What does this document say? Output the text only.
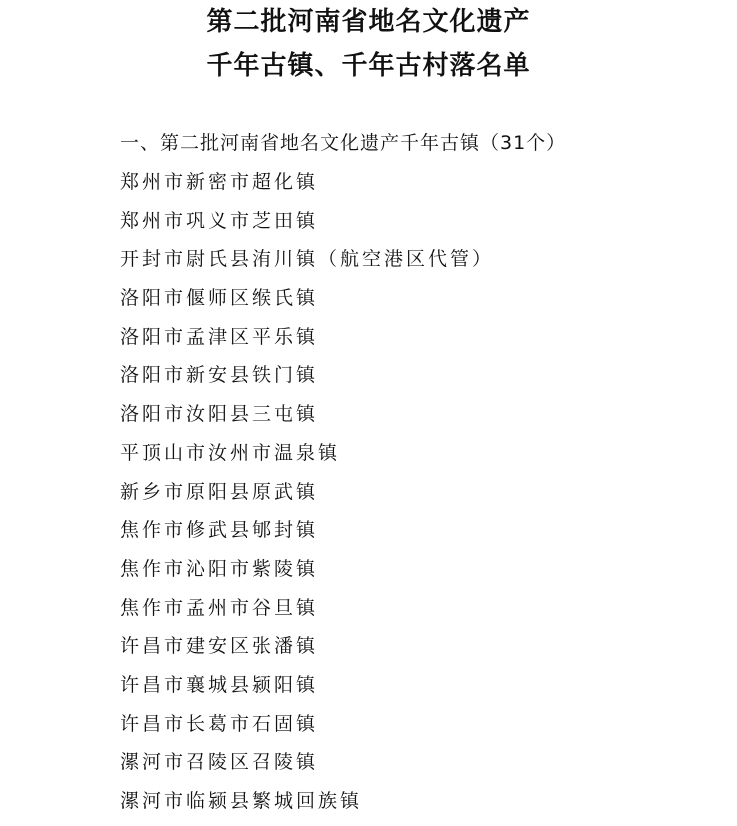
第二批河南省地名文化遗产
千年古镇、千年古村落名单
一、第二批河南省地名文化遗产千年古镇（31个）
郑州市新密市超化镇
郑州市巩义市芝田镇
开封市尉氏县洧川镇（航空港区代管）
洛阳市偃师区缑氏镇
洛阳市孟津区平乐镇
洛阳市新安县铁门镇
洛阳市汝阳县三屯镇
平顶山市汝州市温泉镇
新乡市原阳县原武镇
焦作市修武县郇封镇
焦作市沁阳市紫陵镇
焦作市孟州市谷旦镇
许昌市建安区张潘镇
许昌市襄城县颍阳镇
许昌市长葛市石固镇
漯河市召陵区召陵镇
漯河市临颍县繁城回族镇
